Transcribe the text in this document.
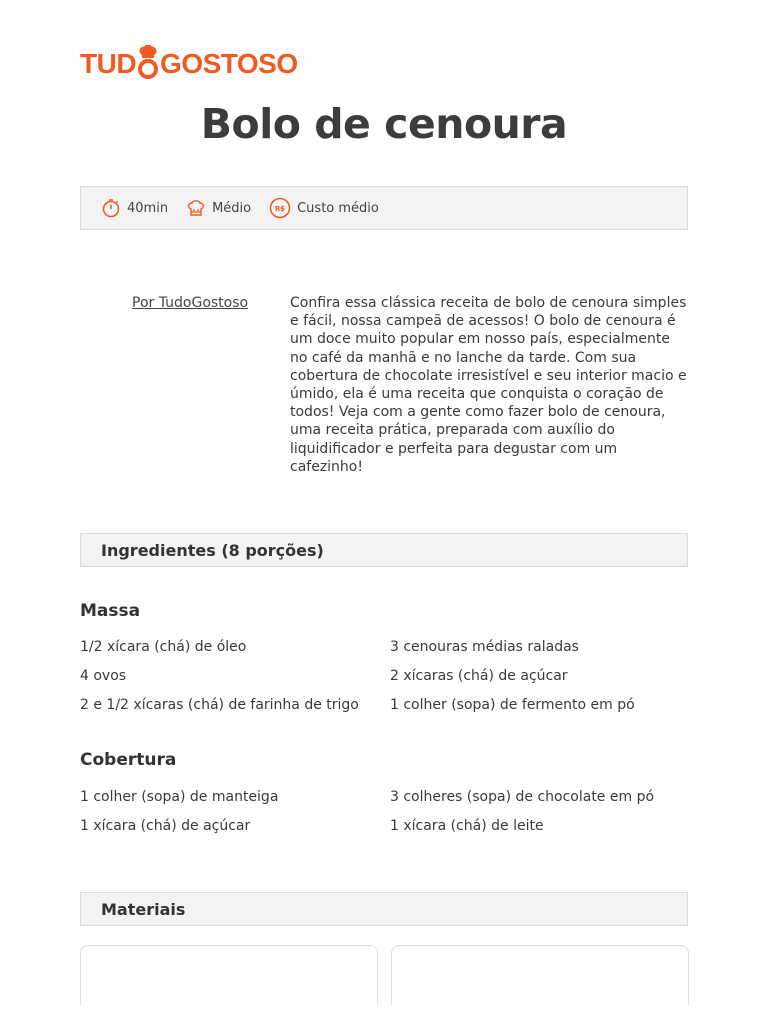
TUD GOSTOSO
Bolo de cenoura
40min	Médio	R$ Custo médio
Por TudoGostoso	Confira essa clássica receita de bolo de cenoura simples e fácil, nossa campeã de acessos! O bolo de cenoura é um doce muito popular em nosso país, especialmente no café da manhã e no lanche da tarde. Com sua cobertura de chocolate irresistível e seu interior macio e úmido, ela é uma receita que conquista o coração de todos! Veja com a gente como fazer bolo de cenoura, uma receita prática, preparada com auxílio do liquidificador e perfeita para degustar com um cafezinho!

Ingredientes (8 porções)
Massa
1/2 xícara (chá) de óleo	3 cenouras médias raladas
4 ovos	2 xícaras (chá) de açúcar
2 e 1/2 xícaras (chá) de farinha de trigo	1 colher (sopa) de fermento em pó
Cobertura
1 colher (sopa) de manteiga	3 colheres (sopa) de chocolate em pó
1 xícara (chá) de açúcar	1 xícara (chá) de leite
Materiais
